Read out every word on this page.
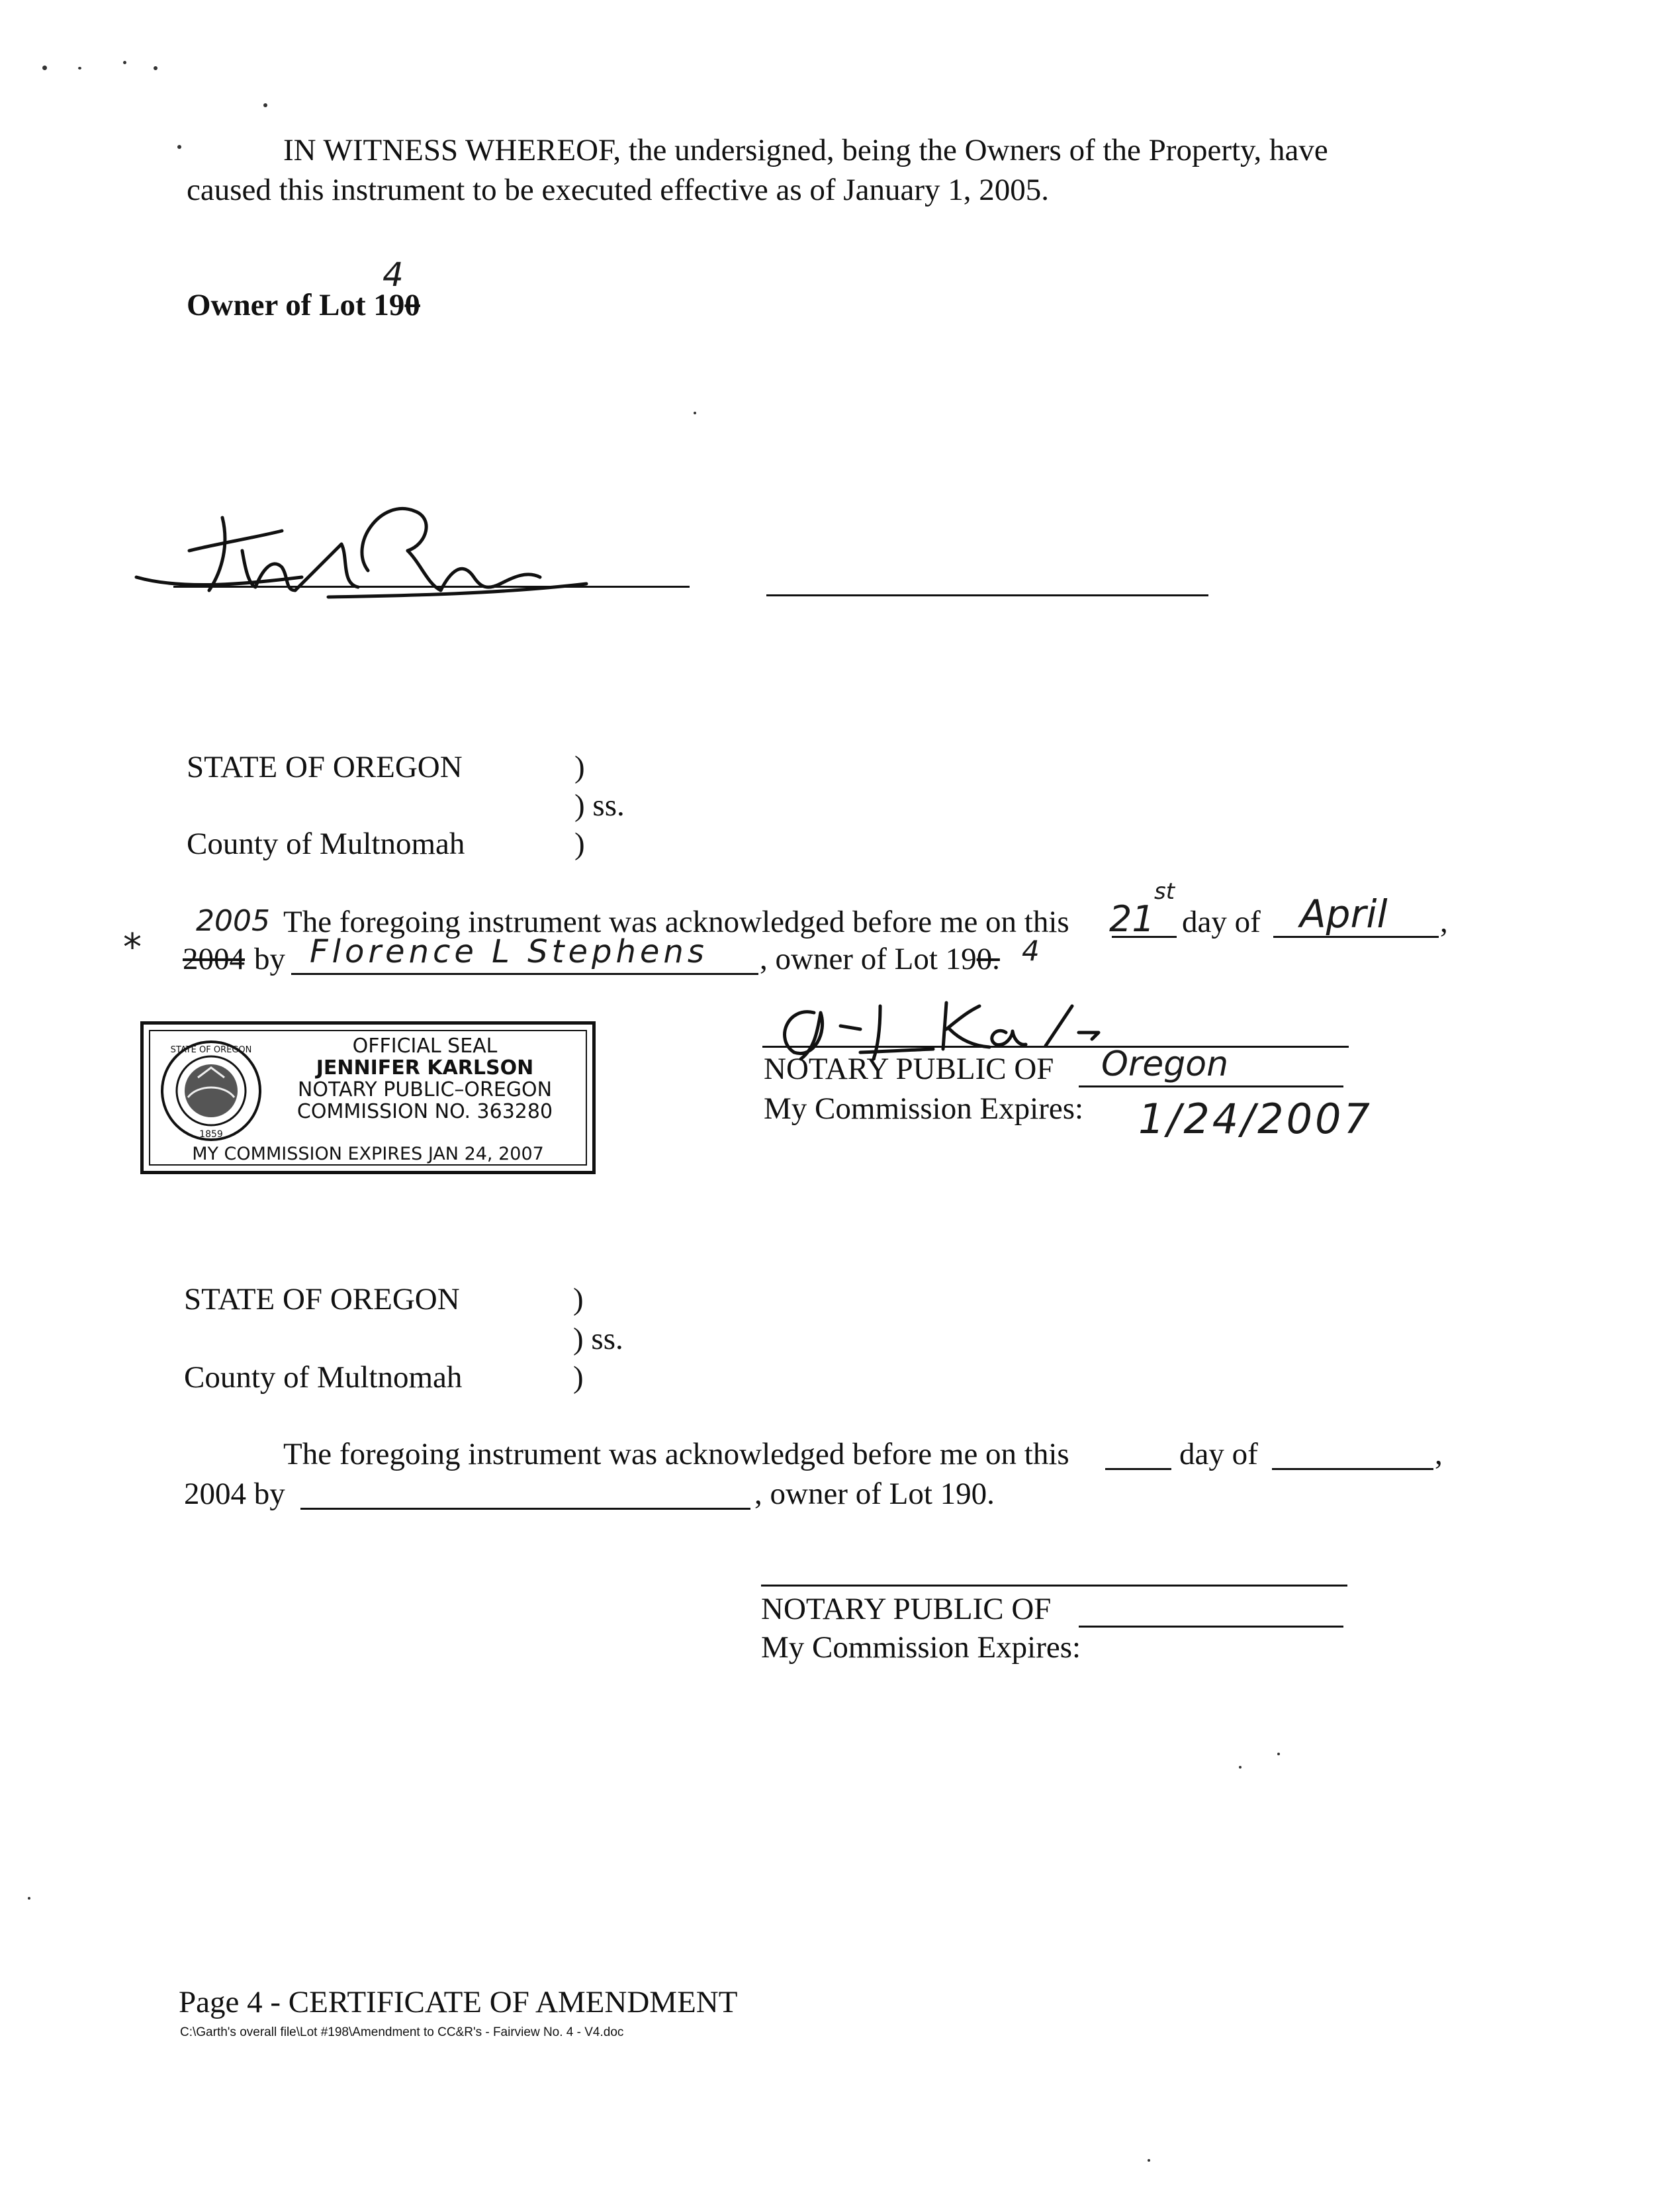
IN WITNESS WHEREOF, the undersigned, being the Owners of the Property, have
caused this instrument to be executed effective as of January 1, 2005.
Owner of Lot 190
4
STATE OF OREGON	)
) ss.
County of Multnomah	)
2005 The foregoing instrument was acknowledged before me on this 21
st
day of April ,
* 2004 by Florence L Stephens , owner of Lot 190. 4
NOTARY PUBLIC OF Oregon
My Commission Expires: 1/24/2007
STATE OF OREGON
1859
OFFICIAL SEAL
JENNIFER KARLSON
NOTARY PUBLIC–OREGON
COMMISSION NO. 363280
MY COMMISSION EXPIRES JAN 24, 2007
STATE OF OREGON	)
) ss.
County of Multnomah	)
The foregoing instrument was acknowledged before me on this	day of	,
2004 by	, owner of Lot 190.
NOTARY PUBLIC OF
My Commission Expires:
Page 4 - CERTIFICATE OF AMENDMENT
C:\Garth's overall file\Lot #198\Amendment to CC&R's - Fairview No. 4 - V4.doc
